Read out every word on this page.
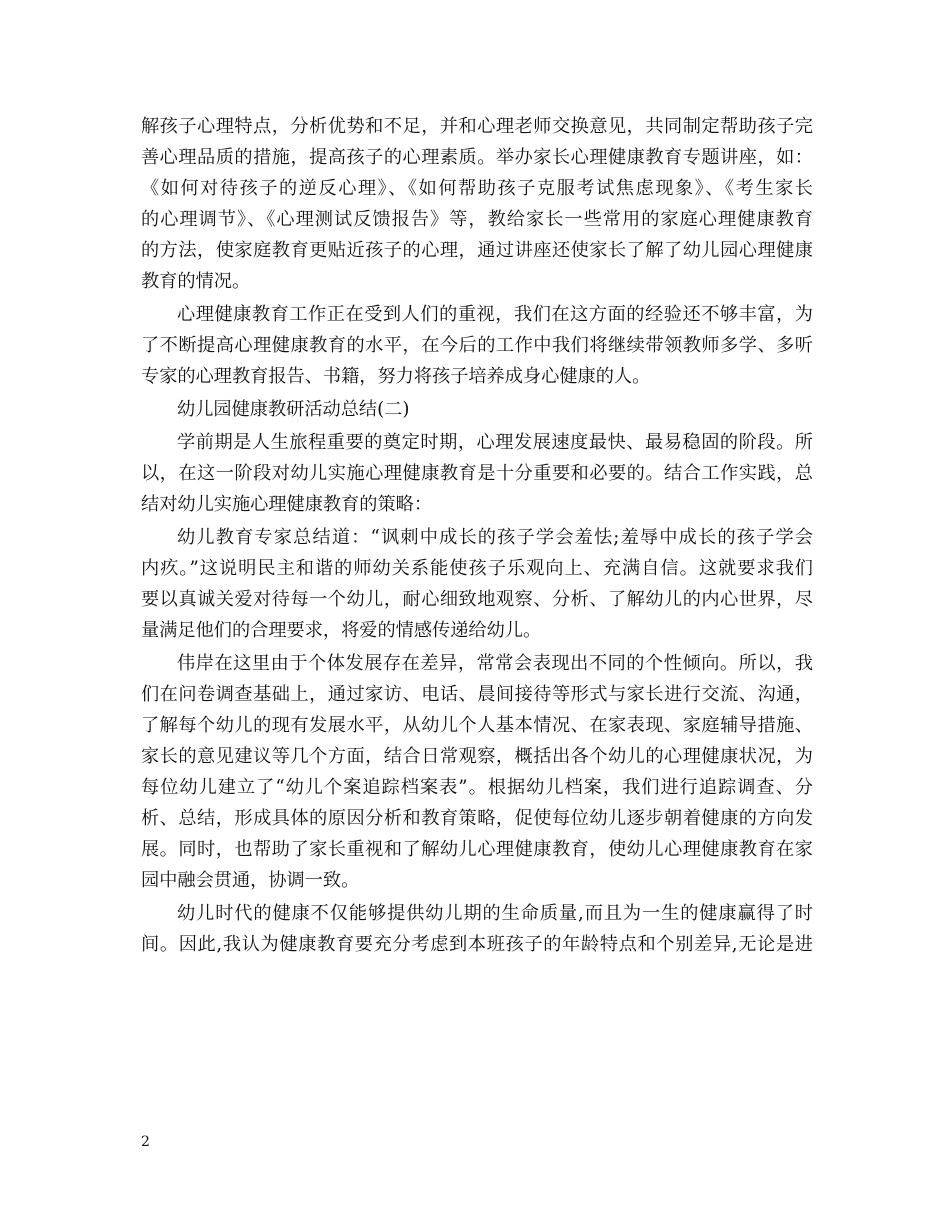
解孩子心理特点，分析优势和不足，并和心理老师交换意见，共同制定帮助孩子完
善心理品质的措施，提高孩子的心理素质。举办家长心理健康教育专题讲座，如：
《如何对待孩子的逆反心理》、《如何帮助孩子克服考试焦虑现象》、《考生家长
的心理调节》、《心理测试反馈报告》等，教给家长一些常用的家庭心理健康教育
的方法，使家庭教育更贴近孩子的心理，通过讲座还使家长了解了幼儿园心理健康
教育的情况。
心理健康教育工作正在受到人们的重视，我们在这方面的经验还不够丰富，为
了不断提高心理健康教育的水平，在今后的工作中我们将继续带领教师多学、多听
专家的心理教育报告、书籍，努力将孩子培养成身心健康的人。
幼儿园健康教研活动总结(二)
学前期是人生旅程重要的奠定时期，心理发展速度最快、最易稳固的阶段。所
以，在这一阶段对幼儿实施心理健康教育是十分重要和必要的。结合工作实践，总
结对幼儿实施心理健康教育的策略：
幼儿教育专家总结道：“讽刺中成长的孩子学会羞怯;羞辱中成长的孩子学会
内疚。”这说明民主和谐的师幼关系能使孩子乐观向上、充满自信。这就要求我们
要以真诚关爱对待每一个幼儿，耐心细致地观察、分析、了解幼儿的内心世界，尽
量满足他们的合理要求，将爱的情感传递给幼儿。
伟岸在这里由于个体发展存在差异，常常会表现出不同的个性倾向。所以，我
们在问卷调查基础上，通过家访、电话、晨间接待等形式与家长进行交流、沟通，
了解每个幼儿的现有发展水平，从幼儿个人基本情况、在家表现、家庭辅导措施、
家长的意见建议等几个方面，结合日常观察，概括出各个幼儿的心理健康状况，为
每位幼儿建立了“幼儿个案追踪档案表”。根据幼儿档案，我们进行追踪调查、分
析、总结，形成具体的原因分析和教育策略，促使每位幼儿逐步朝着健康的方向发
展。同时，也帮助了家长重视和了解幼儿心理健康教育，使幼儿心理健康教育在家
园中融会贯通，协调一致。
幼儿时代的健康不仅能够提供幼儿期的生命质量,而且为一生的健康赢得了时
间。因此,我认为健康教育要充分考虑到本班孩子的年龄特点和个别差异,无论是进
2
